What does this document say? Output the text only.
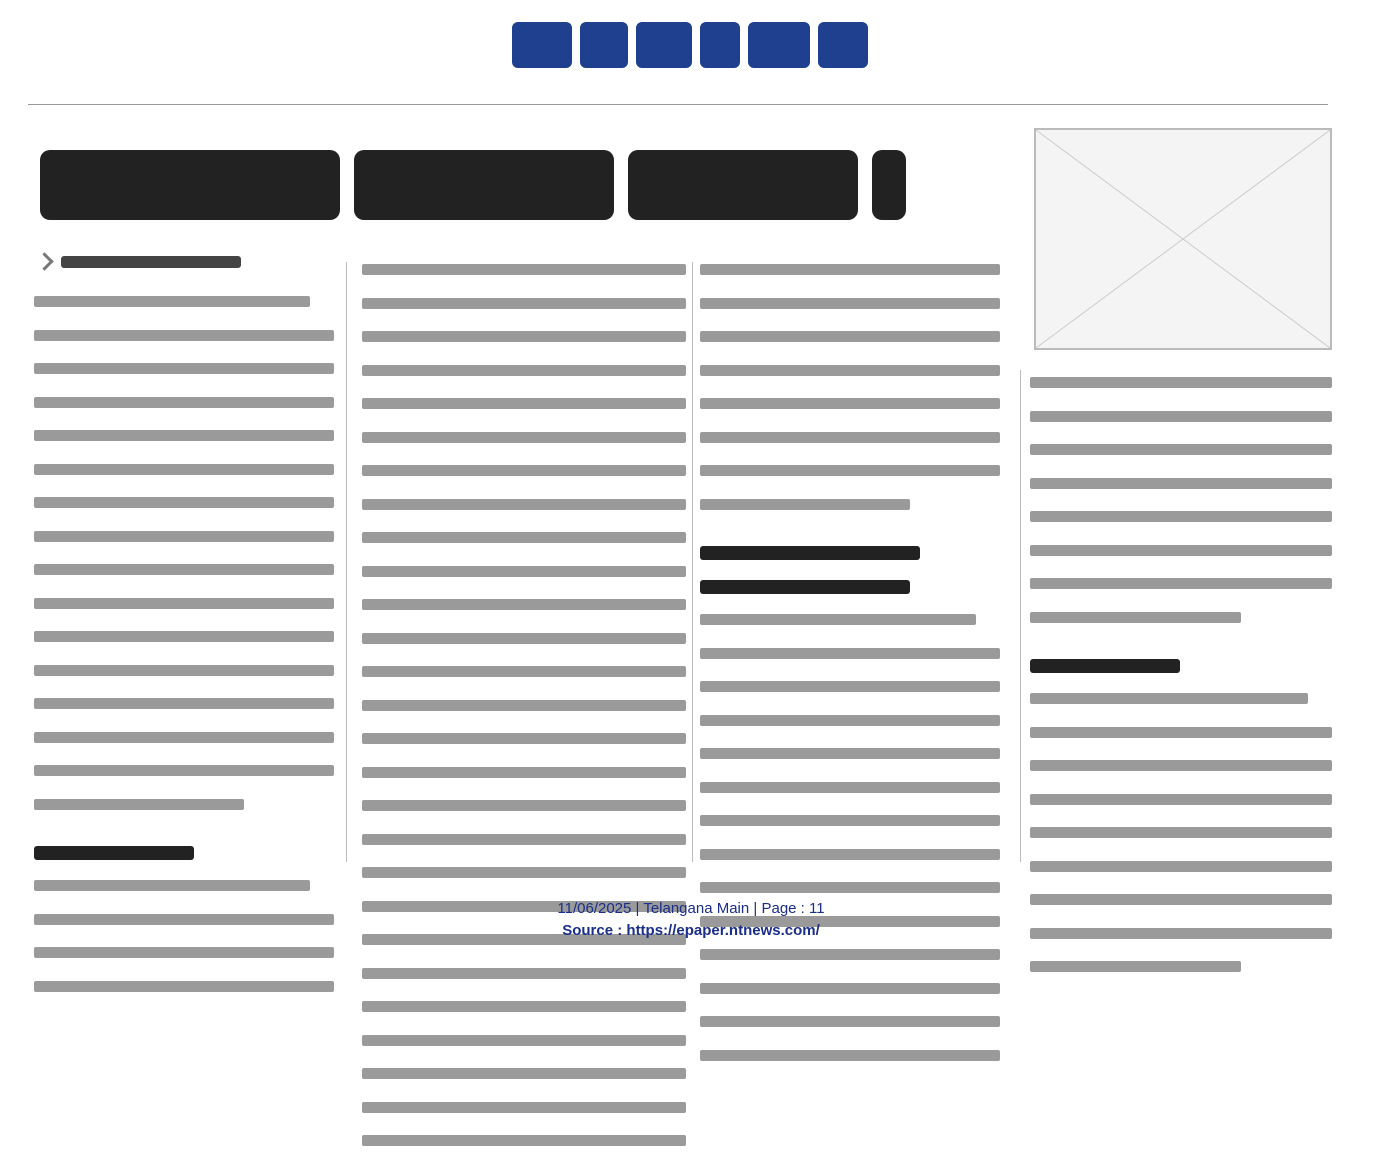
11/06/2025 | Telangana Main | Page : 11
Source : https://epaper.ntnews.com/
